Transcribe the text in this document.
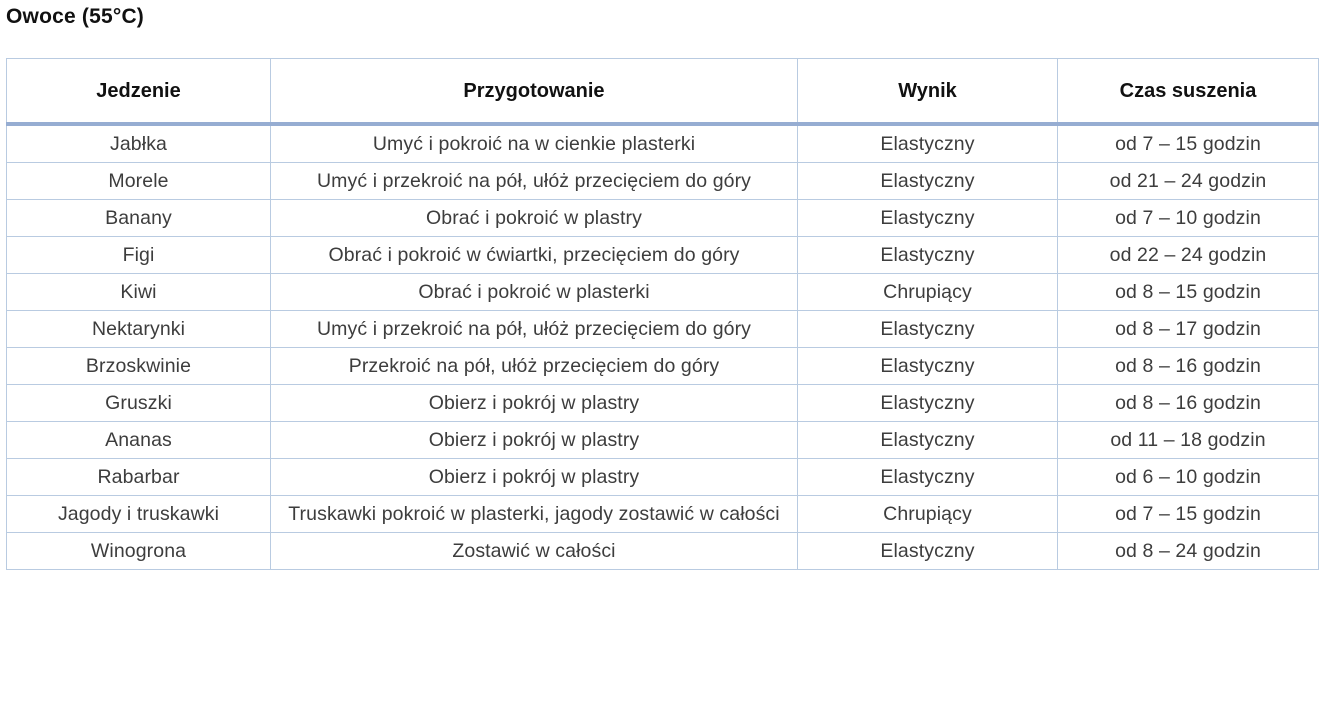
Owoce (55°C)
Jedzenie	Przygotowanie	Wynik	Czas suszenia
Jabłka	Umyć i pokroić na w cienkie plasterki	Elastyczny	od 7 – 15 godzin
Morele	Umyć i przekroić na pół, ułóż przecięciem do góry	Elastyczny	od 21 – 24 godzin
Banany	Obrać i pokroić w plastry	Elastyczny	od 7 – 10 godzin
Figi	Obrać i pokroić w ćwiartki, przecięciem do góry	Elastyczny	od 22 – 24 godzin
Kiwi	Obrać i pokroić w plasterki	Chrupiący	od 8 – 15 godzin
Nektarynki	Umyć i przekroić na pół, ułóż przecięciem do góry	Elastyczny	od 8 – 17 godzin
Brzoskwinie	Przekroić na pół, ułóż przecięciem do góry	Elastyczny	od 8 – 16 godzin
Gruszki	Obierz i pokrój w plastry	Elastyczny	od 8 – 16 godzin
Ananas	Obierz i pokrój w plastry	Elastyczny	od 11 – 18 godzin
Rabarbar	Obierz i pokrój w plastry	Elastyczny	od 6 – 10 godzin
Jagody i truskawki	Truskawki pokroić w plasterki, jagody zostawić w całości	Chrupiący	od 7 – 15 godzin
Winogrona	Zostawić w całości	Elastyczny	od 8 – 24 godzin
